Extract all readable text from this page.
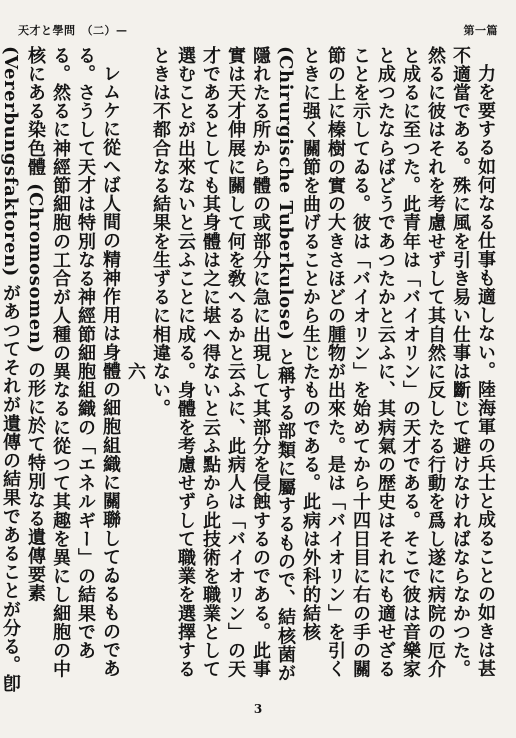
天才と學問　（二）—	　第一篇

力を要する如何なる仕事も適しない。陸海軍の兵士と成ることの如きは甚不適當である。殊に風を引き易い仕事は斷じて避けなければならなかつた。然るに彼はそれを考慮せずして其自然に反したる行動を爲し遂に病院の厄介と成るに至つた。此青年は「バイオリン」の天才である。そこで彼は音樂家と成つたならばどうであつたかと云ふに、其病氣の歴史はそれにも適せざることを示してゐる。彼は「バイオリン」を始めてから十四日目に右の手の關節の上に榛樹の實の大きさほどの腫物が出來た。是は「バイオリン」を引くときに强く關節を曲げることから生じたものである。此病は外科的結核 (Chirurgische Tuberkulose) と稱する部類に屬するもので、結核菌が隱れたる所から體の或部分に急に出現して其部分を侵蝕するのである。此事實は天才伸展に關して何を敎へるかと云ふに、此病人は「バイオリン」の天才であるとしても其身體は之に堪へ得ないと云ふ點から此技術を職業として選むことが出來ないと云ふことに成る。身體を考慮せずして職業を選擇するときは不都合なる結果を生ずるに相違ない。

六

レムケに從へば人間の精神作用は身體の細胞組織に關聯してゐるものである。さうして天才は特別なる神經節細胞組織の「エネルギー」の結果である。然るに神經節細胞の工合が人種の異なるに從つて其趣を異にし細胞の中核にある染色體 (Chromosomen) の形に於て特別なる遺傳要素 (Vererbungsfaktoren) があつてそれが遺傳の結果であることが分る。卽

3
